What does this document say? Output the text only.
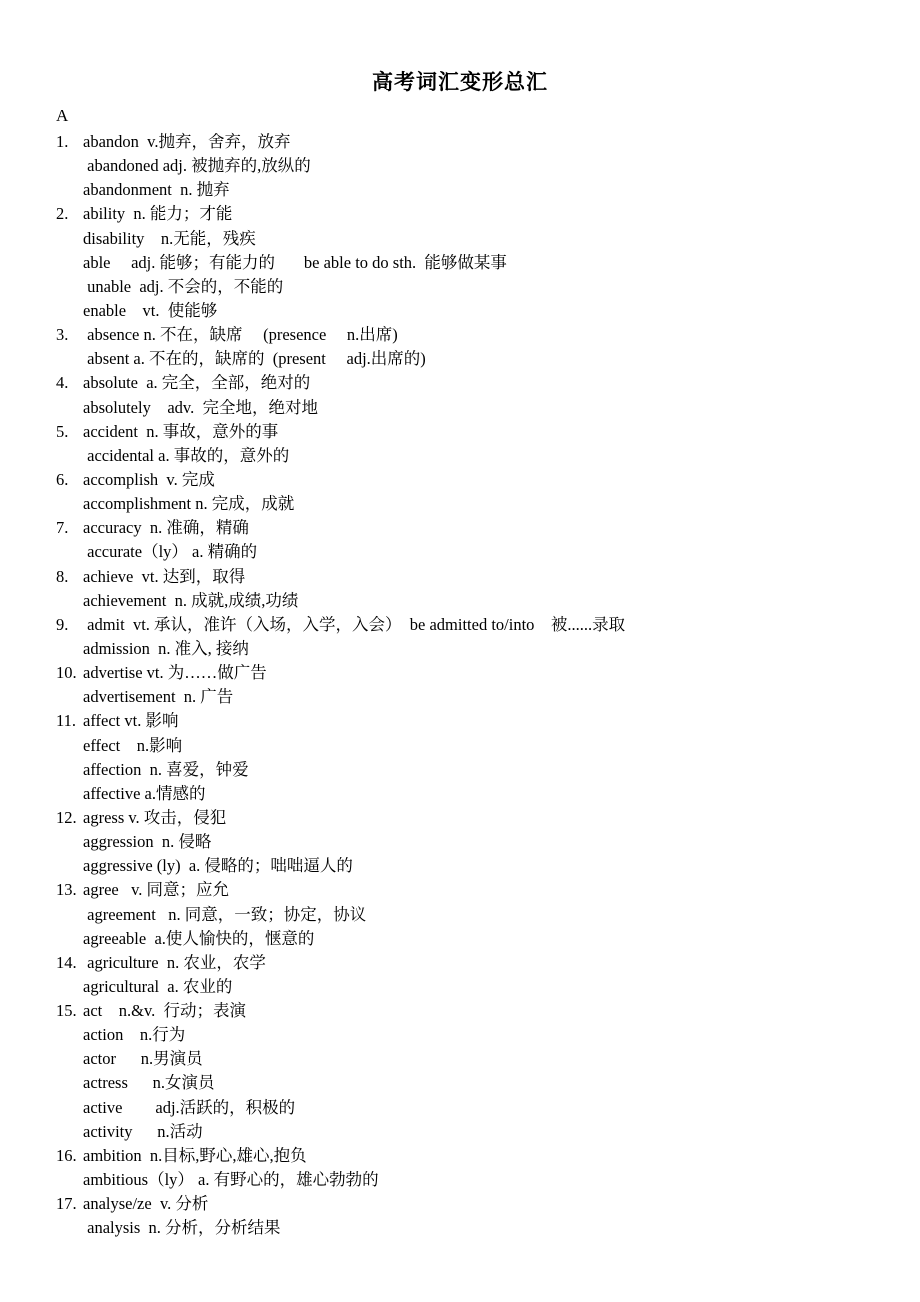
高考词汇变形总汇
A
1. abandon  v.抛弃，舍弃，放弃
abandoned adj. 被抛弃的,放纵的
abandonment  n. 抛弃
2. ability  n. 能力；才能
disability    n.无能，残疾
able     adj. 能够；有能力的       be able to do sth.  能够做某事
unable  adj. 不会的，不能的
enable    vt.  使能够
3. absence n. 不在，缺席     (presence     n.出席)
absent a. 不在的，缺席的  (present     adj.出席的)
4. absolute  a. 完全，全部，绝对的
absolutely    adv.  完全地，绝对地
5. accident  n. 事故，意外的事
accidental a. 事故的，意外的
6. accomplish  v. 完成
accomplishment n. 完成，成就
7. accuracy  n. 准确，精确
accurate（ly） a. 精确的
8. achieve  vt. 达到，取得
achievement  n. 成就,成绩,功绩
9. admit  vt. 承认，准许（入场，入学，入会）  be admitted to/into    被......录取
admission  n. 准入, 接纳
10. advertise vt. 为……做广告
advertisement  n. 广告
11. affect vt. 影响
effect    n.影响
affection  n. 喜爱，钟爱
affective a.情感的
12. agress v. 攻击，侵犯
aggression  n. 侵略
aggressive (ly)  a. 侵略的；咄咄逼人的
13. agree   v. 同意；应允
agreement   n. 同意，一致；协定，协议
agreeable  a.使人愉快的，惬意的
14. agriculture  n. 农业，农学
agricultural  a. 农业的
15. act    n.&v.  行动；表演
action    n.行为
actor      n.男演员
actress      n.女演员
active        adj.活跃的，积极的
activity      n.活动
16. ambition  n.目标,野心,雄心,抱负
ambitious（ly） a. 有野心的，雄心勃勃的
17. analyse/ze  v. 分析
analysis  n. 分析，分析结果
